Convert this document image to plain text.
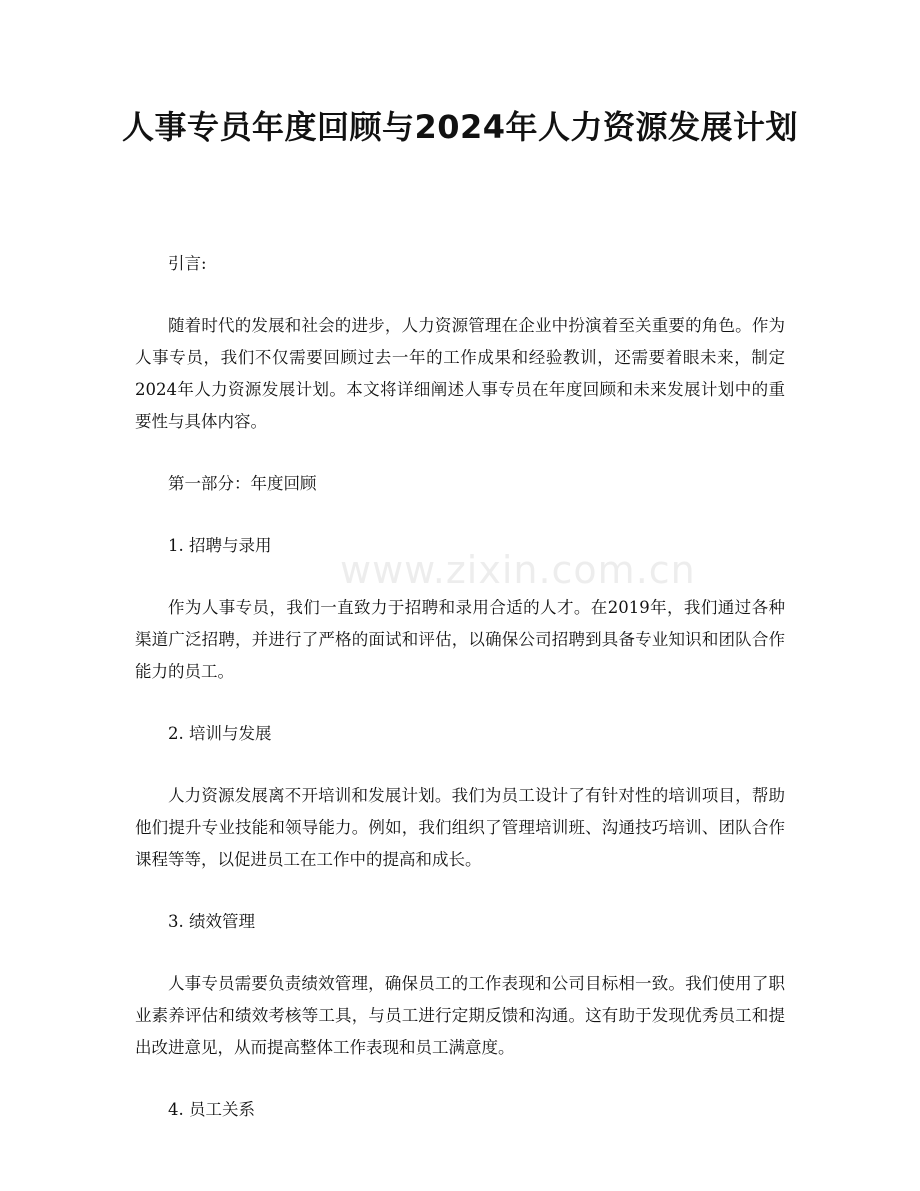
人事专员年度回顾与2024年人力资源发展计划
www.zixin.com.cn
引言:

随着时代的发展和社会的进步，人力资源管理在企业中扮演着至关重要的角色。作为人事专员，我们不仅需要回顾过去一年的工作成果和经验教训，还需要着眼未来，制定2024年人力资源发展计划。本文将详细阐述人事专员在年度回顾和未来发展计划中的重要性与具体内容。

第一部分：年度回顾
1. 招聘与录用

作为人事专员，我们一直致力于招聘和录用合适的人才。在2019年，我们通过各种渠道广泛招聘，并进行了严格的面试和评估，以确保公司招聘到具备专业知识和团队合作能力的员工。

2. 培训与发展

人力资源发展离不开培训和发展计划。我们为员工设计了有针对性的培训项目，帮助他们提升专业技能和领导能力。例如，我们组织了管理培训班、沟通技巧培训、团队合作课程等等，以促进员工在工作中的提高和成长。

3. 绩效管理

人事专员需要负责绩效管理，确保员工的工作表现和公司目标相一致。我们使用了职业素养评估和绩效考核等工具，与员工进行定期反馈和沟通。这有助于发现优秀员工和提出改进意见，从而提高整体工作表现和员工满意度。

4. 员工关系
